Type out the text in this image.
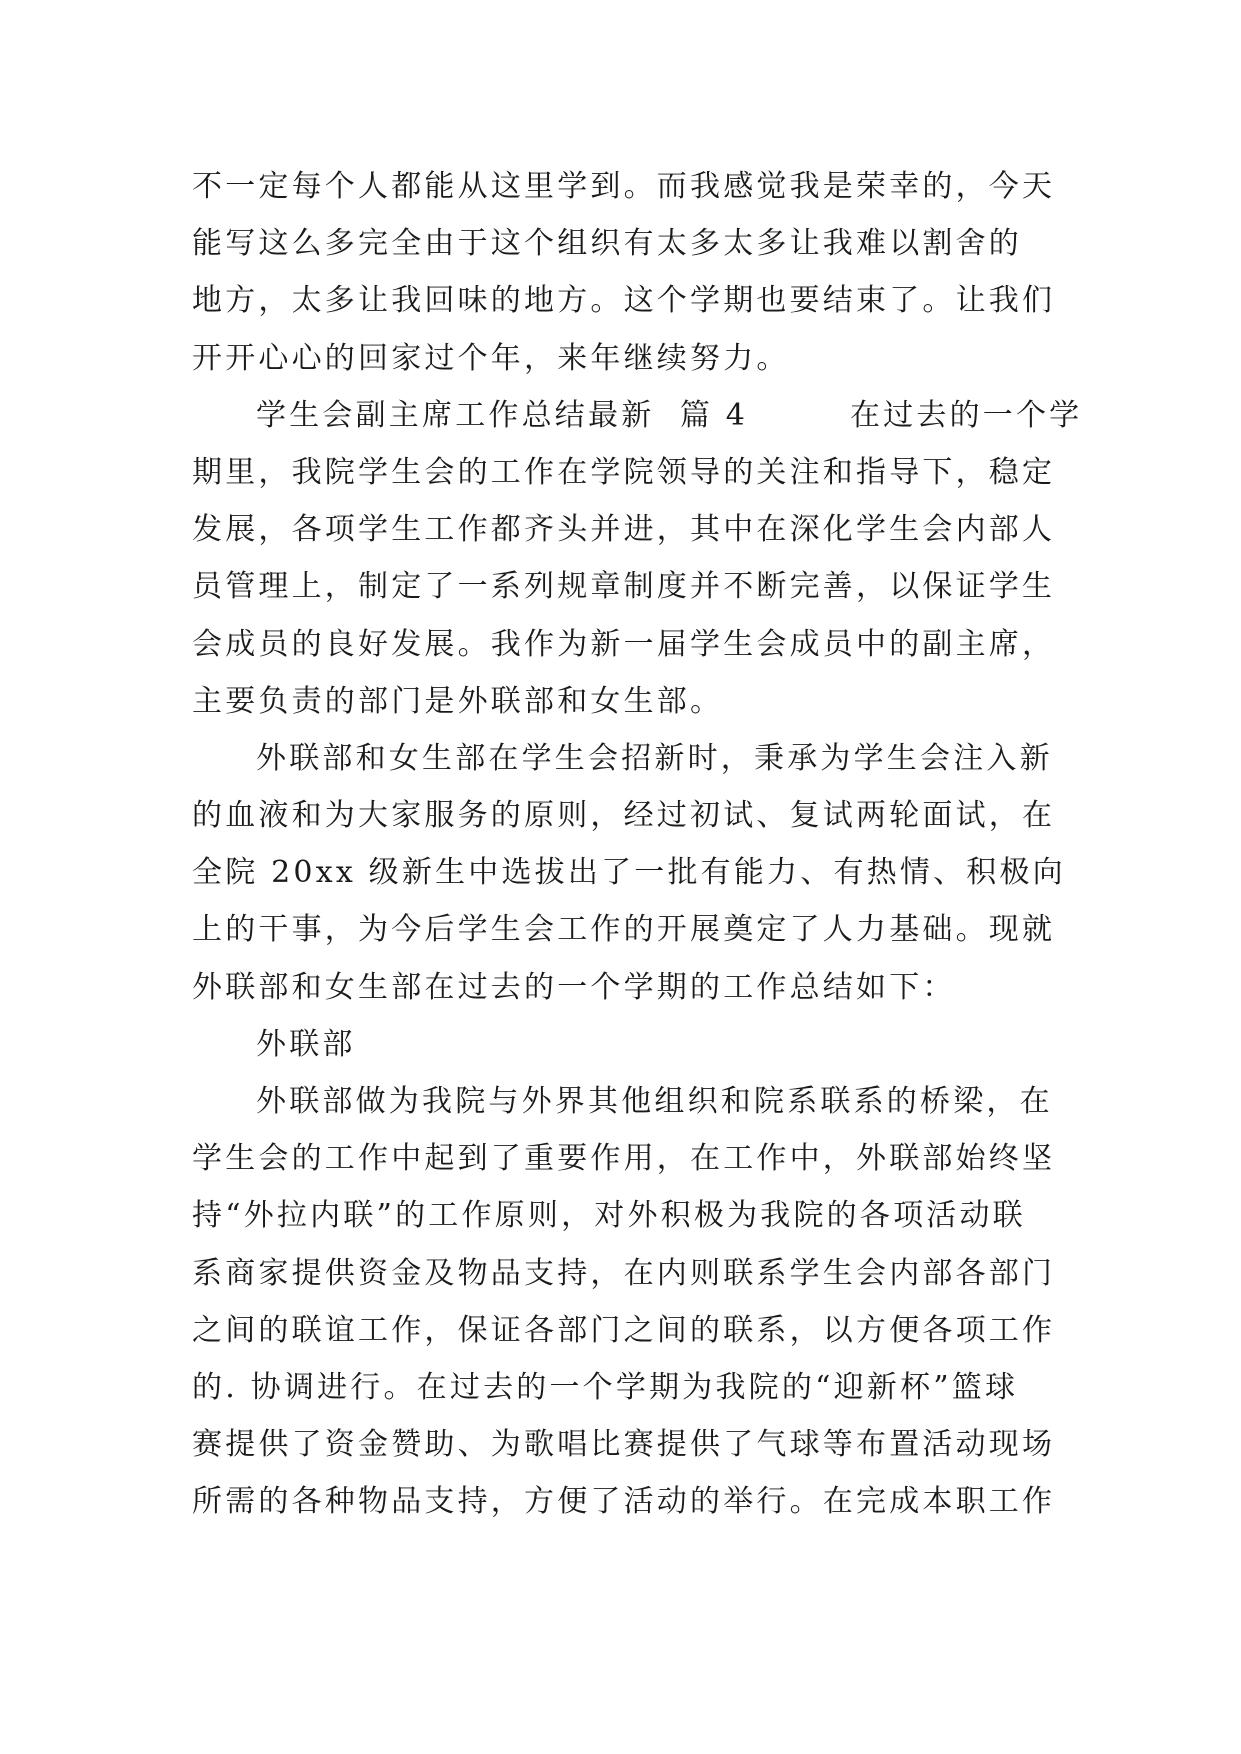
不一定每个人都能从这里学到。而我感觉我是荣幸的，今天
能写这么多完全由于这个组织有太多太多让我难以割舍的
地方，太多让我回味的地方。这个学期也要结束了。让我们
开开心心的回家过个年，来年继续努力。
学生会副主席工作总结最新  篇 4        在过去的一个学
期里，我院学生会的工作在学院领导的关注和指导下，稳定
发展，各项学生工作都齐头并进，其中在深化学生会内部人
员管理上，制定了一系列规章制度并不断完善，以保证学生
会成员的良好发展。我作为新一届学生会成员中的副主席，
主要负责的部门是外联部和女生部。
外联部和女生部在学生会招新时，秉承为学生会注入新
的血液和为大家服务的原则，经过初试、复试两轮面试，在
全院 20xx 级新生中选拔出了一批有能力、有热情、积极向
上的干事，为今后学生会工作的开展奠定了人力基础。现就
外联部和女生部在过去的一个学期的工作总结如下：
外联部
外联部做为我院与外界其他组织和院系联系的桥梁，在
学生会的工作中起到了重要作用，在工作中，外联部始终坚
持“外拉内联”的工作原则，对外积极为我院的各项活动联
系商家提供资金及物品支持，在内则联系学生会内部各部门
之间的联谊工作，保证各部门之间的联系，以方便各项工作
的. 协调进行。在过去的一个学期为我院的“迎新杯”篮球
赛提供了资金赞助、为歌唱比赛提供了气球等布置活动现场
所需的各种物品支持，方便了活动的举行。在完成本职工作
